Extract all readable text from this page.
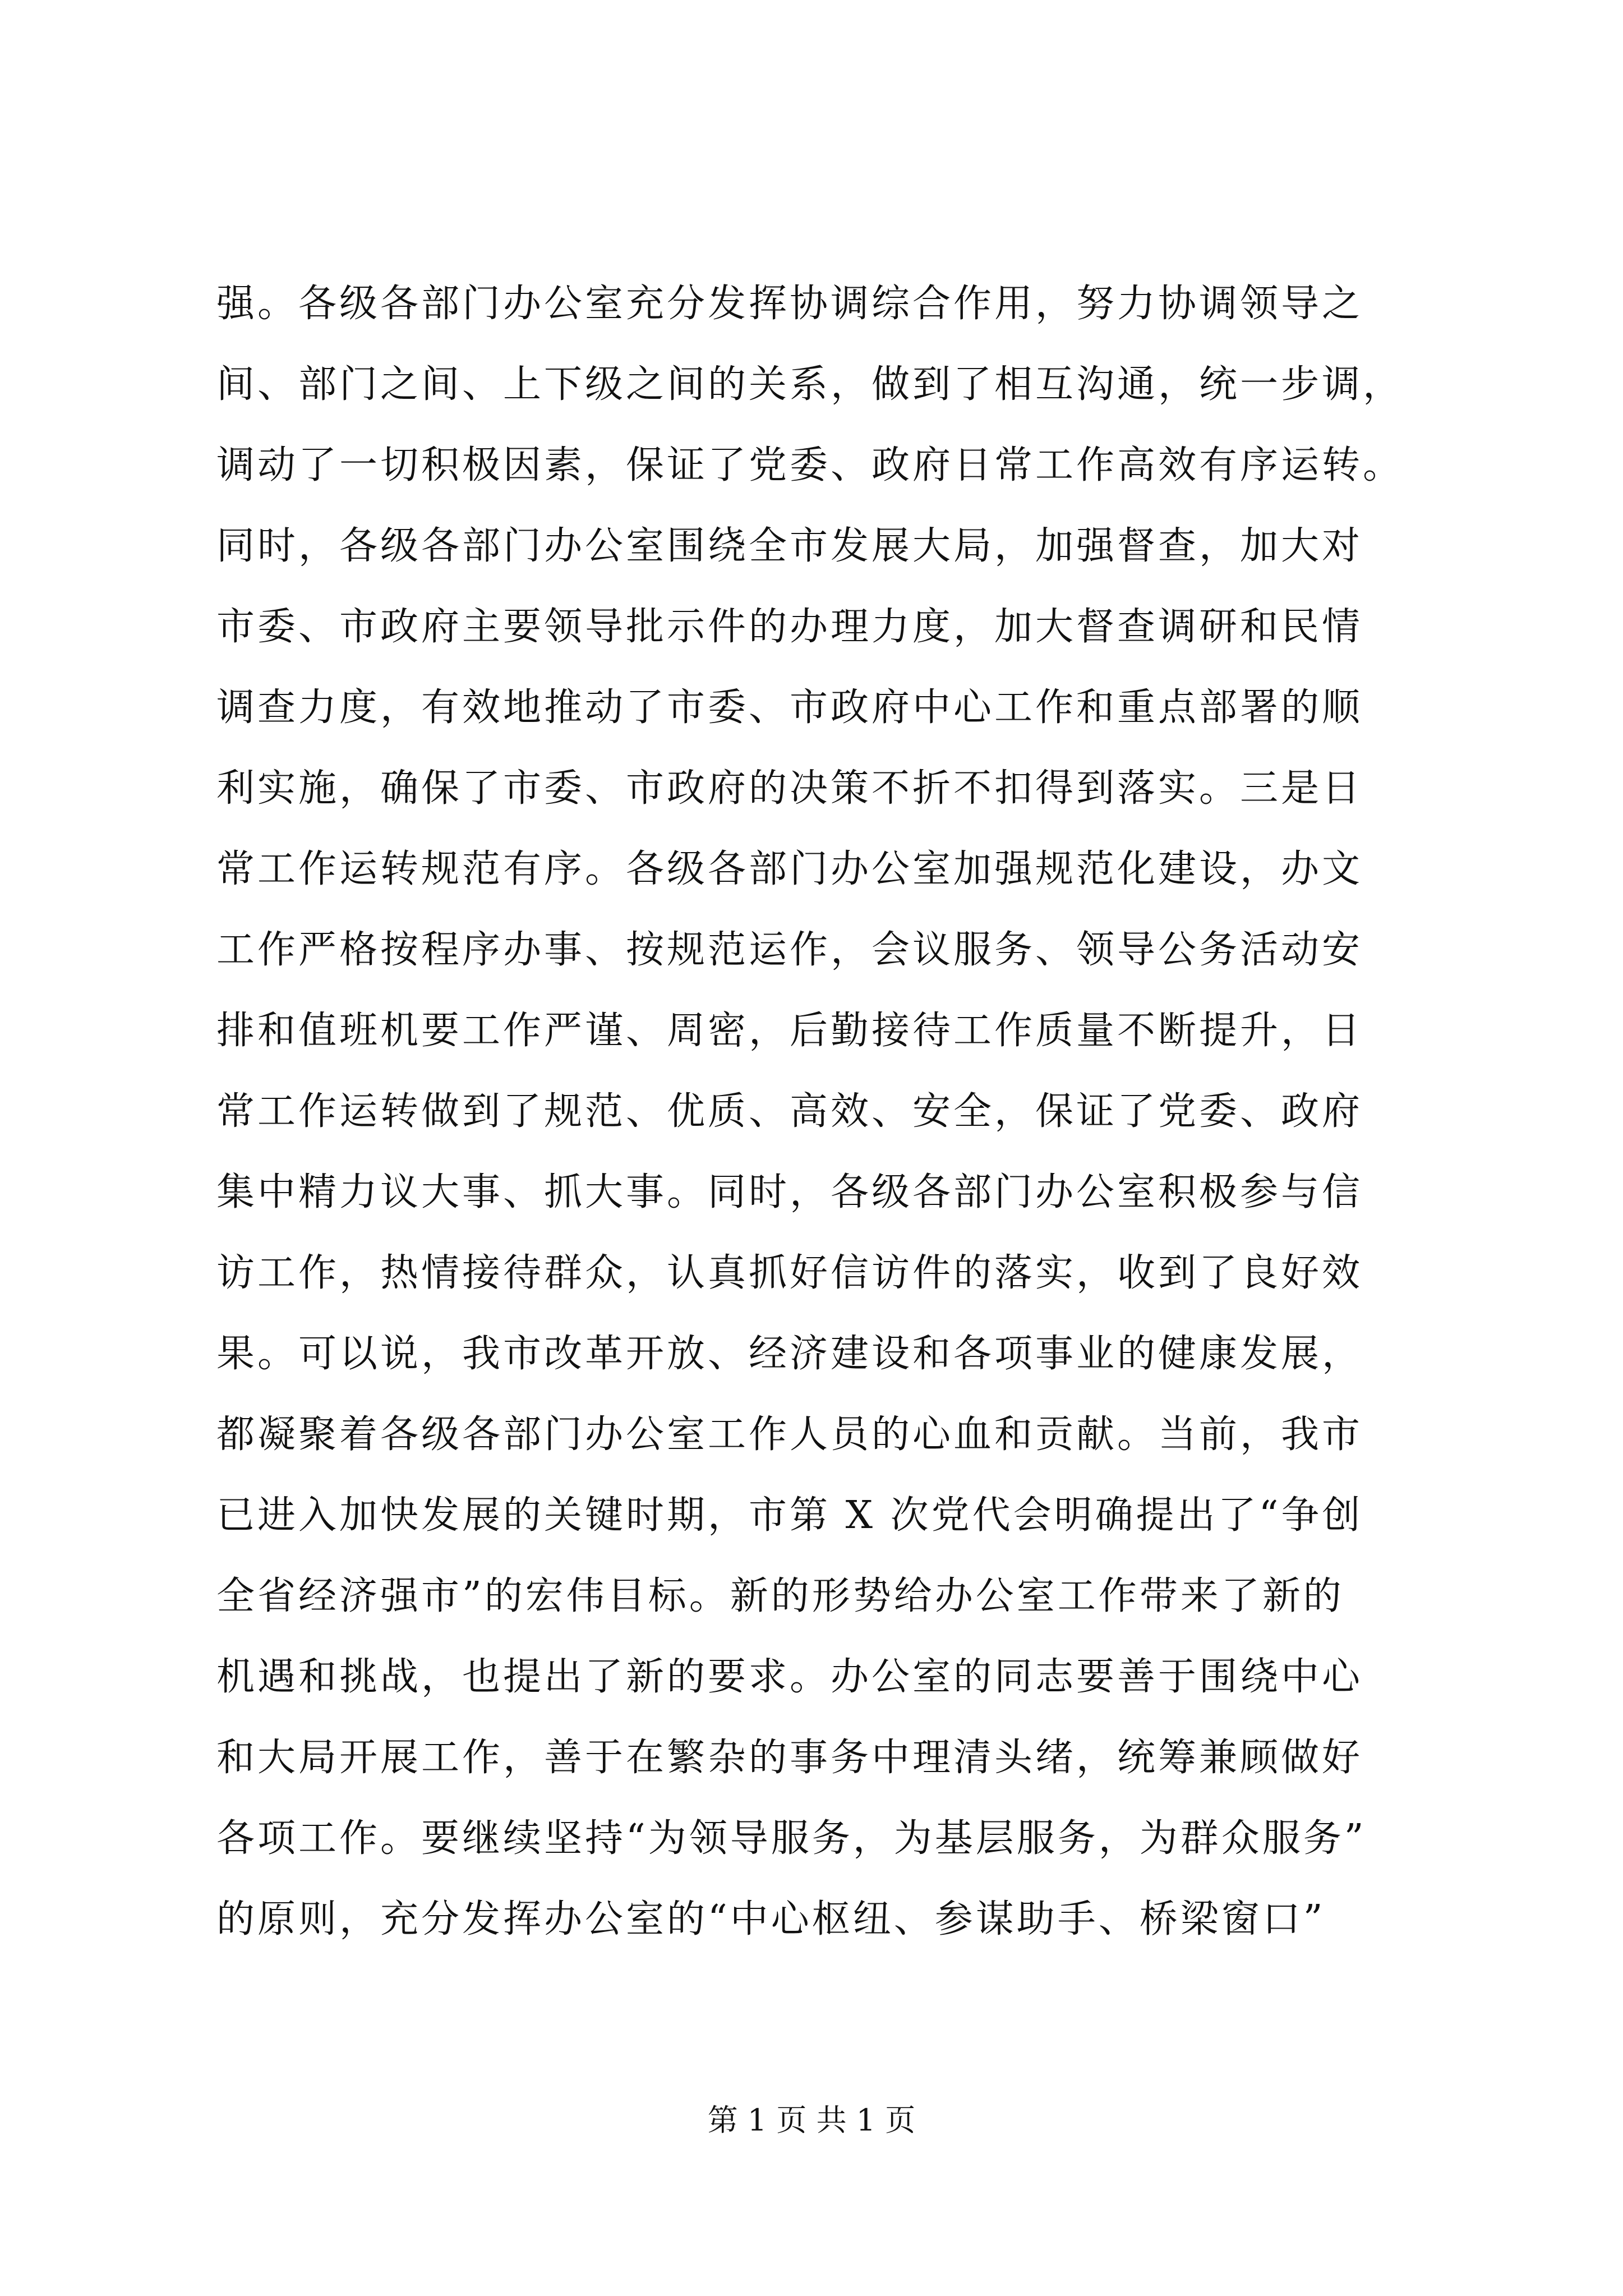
强。各级各部门办公室充分发挥协调综合作用，努力协调领导之
间、部门之间、上下级之间的关系，做到了相互沟通，统一步调，
调动了一切积极因素，保证了党委、政府日常工作高效有序运转。
同时，各级各部门办公室围绕全市发展大局，加强督查，加大对
市委、市政府主要领导批示件的办理力度，加大督查调研和民情
调查力度，有效地推动了市委、市政府中心工作和重点部署的顺
利实施，确保了市委、市政府的决策不折不扣得到落实。三是日
常工作运转规范有序。各级各部门办公室加强规范化建设，办文
工作严格按程序办事、按规范运作，会议服务、领导公务活动安
排和值班机要工作严谨、周密，后勤接待工作质量不断提升，日
常工作运转做到了规范、优质、高效、安全，保证了党委、政府
集中精力议大事、抓大事。同时，各级各部门办公室积极参与信
访工作，热情接待群众，认真抓好信访件的落实，收到了良好效
果。可以说，我市改革开放、经济建设和各项事业的健康发展，
都凝聚着各级各部门办公室工作人员的心血和贡献。当前，我市
已进入加快发展的关键时期，市第 X 次党代会明确提出了“争创
全省经济强市”的宏伟目标。新的形势给办公室工作带来了新的
机遇和挑战，也提出了新的要求。办公室的同志要善于围绕中心
和大局开展工作，善于在繁杂的事务中理清头绪，统筹兼顾做好
各项工作。要继续坚持“为领导服务，为基层服务，为群众服务”
的原则，充分发挥办公室的“中心枢纽、参谋助手、桥梁窗口”
第 1 页 共 1 页
